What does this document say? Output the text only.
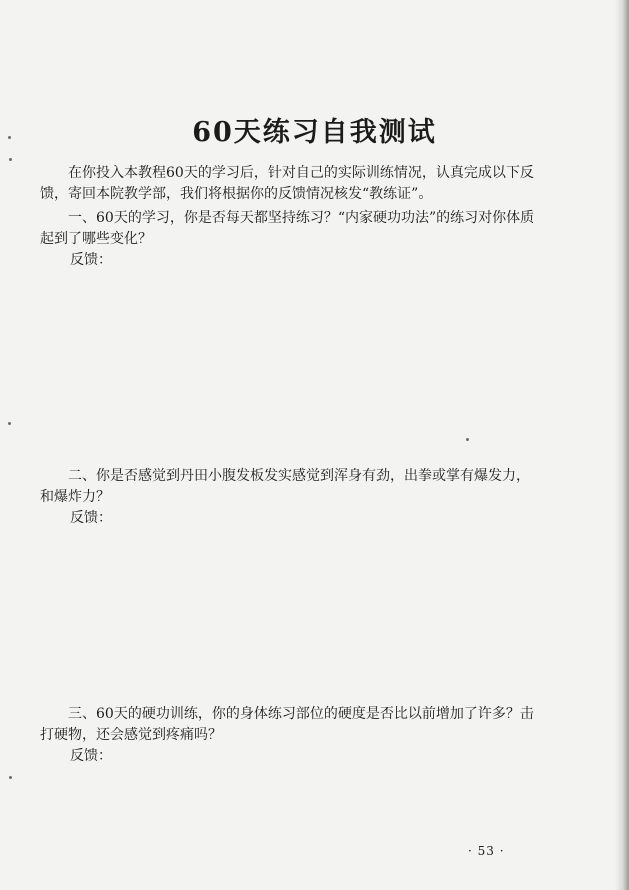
60天练习自我测试

在你投入本教程60天的学习后，针对自己的实际训练情况，认真完成以下反馈，寄回本院教学部，我们将根据你的反馈情况核发“教练证”。

一、60天的学习，你是否每天都坚持练习？“内家硬功功法”的练习对你体质起到了哪些变化？

反馈：

二、你是否感觉到丹田小腹发板发实感觉到浑身有劲，出拳或掌有爆发力，和爆炸力？

反馈：

三、60天的硬功训练，你的身体练习部位的硬度是否比以前增加了许多？击打硬物，还会感觉到疼痛吗？

反馈：

· 53 ·
